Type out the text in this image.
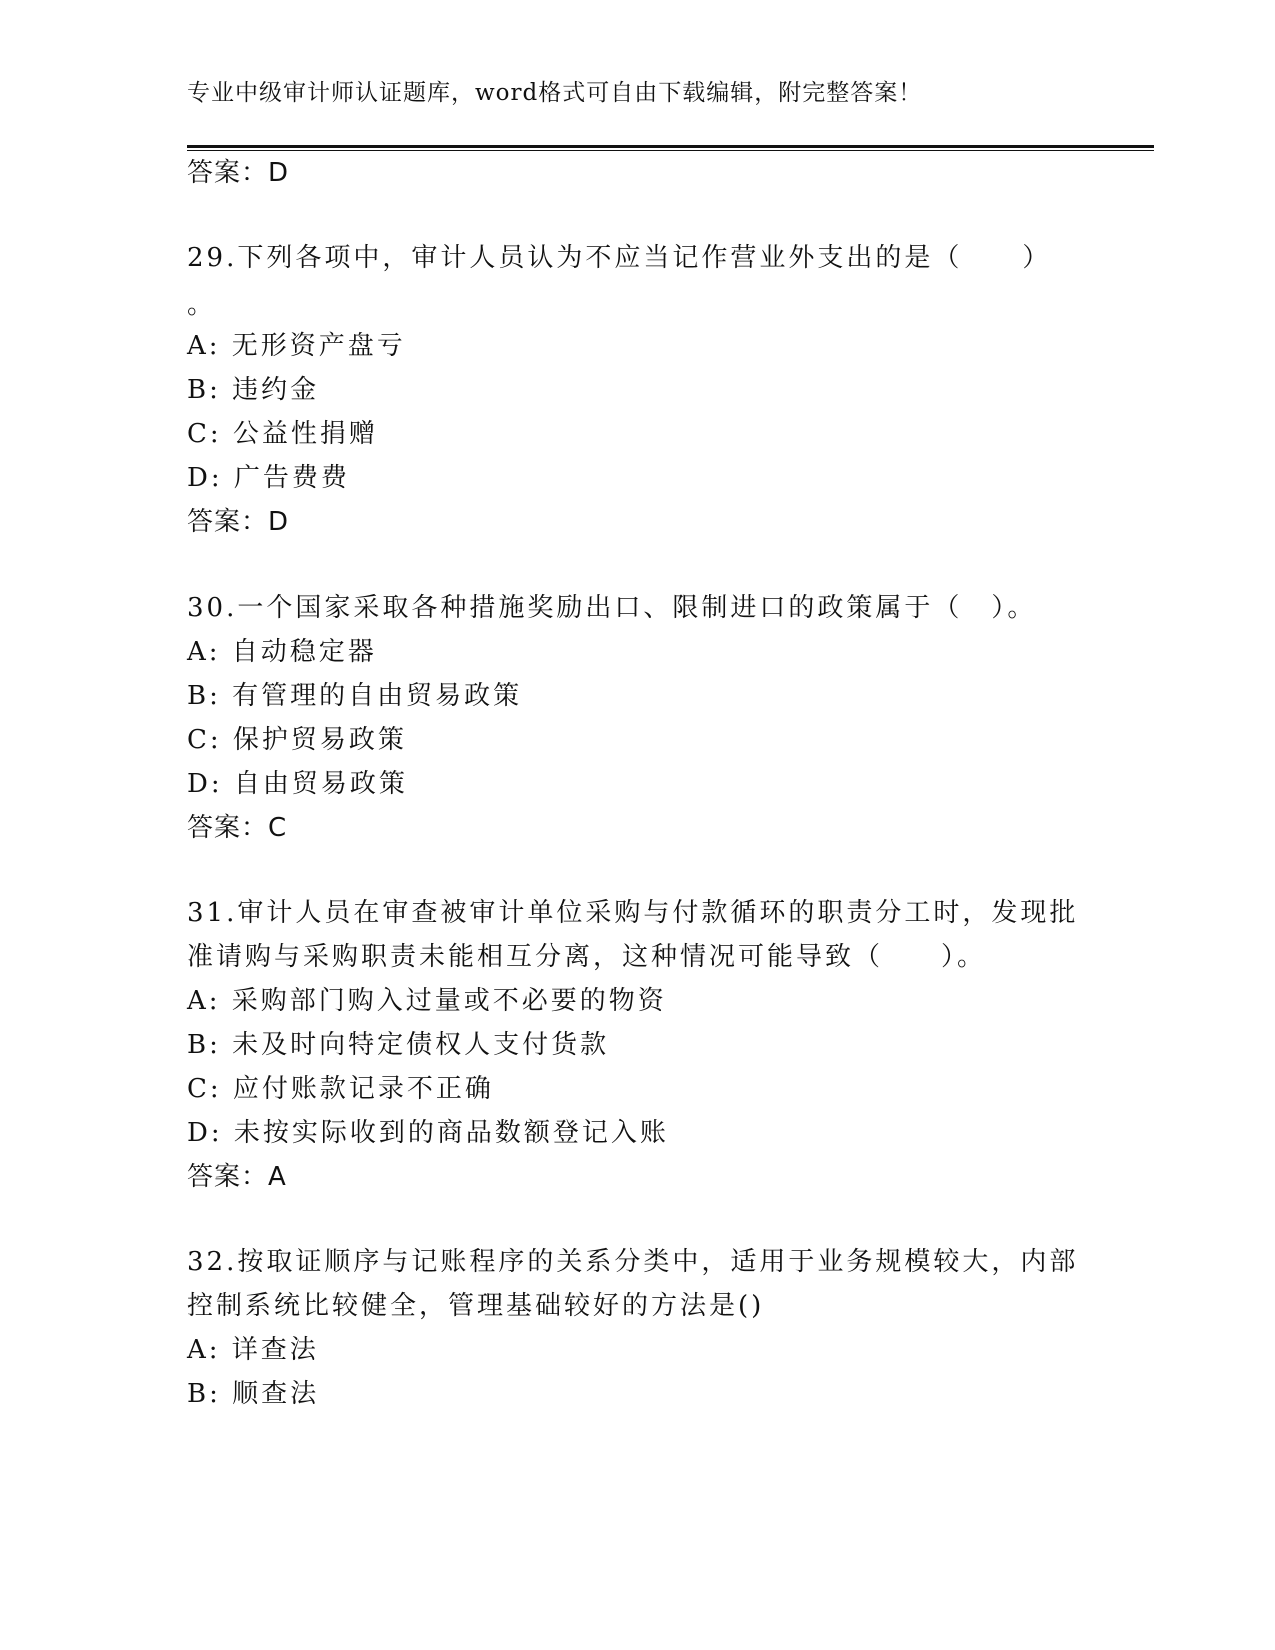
专业中级审计师认证题库，word格式可自由下载编辑，附完整答案！
答案：D
29.下列各项中，审计人员认为不应当记作营业外支出的是（ ）
。
A: 无形资产盘亏
B: 违约金
C: 公益性捐赠
D: 广告费费
答案：D
30.一个国家采取各种措施奖励出口、限制进口的政策属于（　）。
A: 自动稳定器
B: 有管理的自由贸易政策
C: 保护贸易政策
D: 自由贸易政策
答案：C
31.审计人员在审查被审计单位采购与付款循环的职责分工时，发现批
准请购与采购职责未能相互分离，这种情况可能导致（　　）。
A: 采购部门购入过量或不必要的物资
B: 未及时向特定债权人支付货款
C: 应付账款记录不正确
D: 未按实际收到的商品数额登记入账
答案：A
32.按取证顺序与记账程序的关系分类中，适用于业务规模较大，内部
控制系统比较健全，管理基础较好的方法是()
A: 详查法
B: 顺查法
